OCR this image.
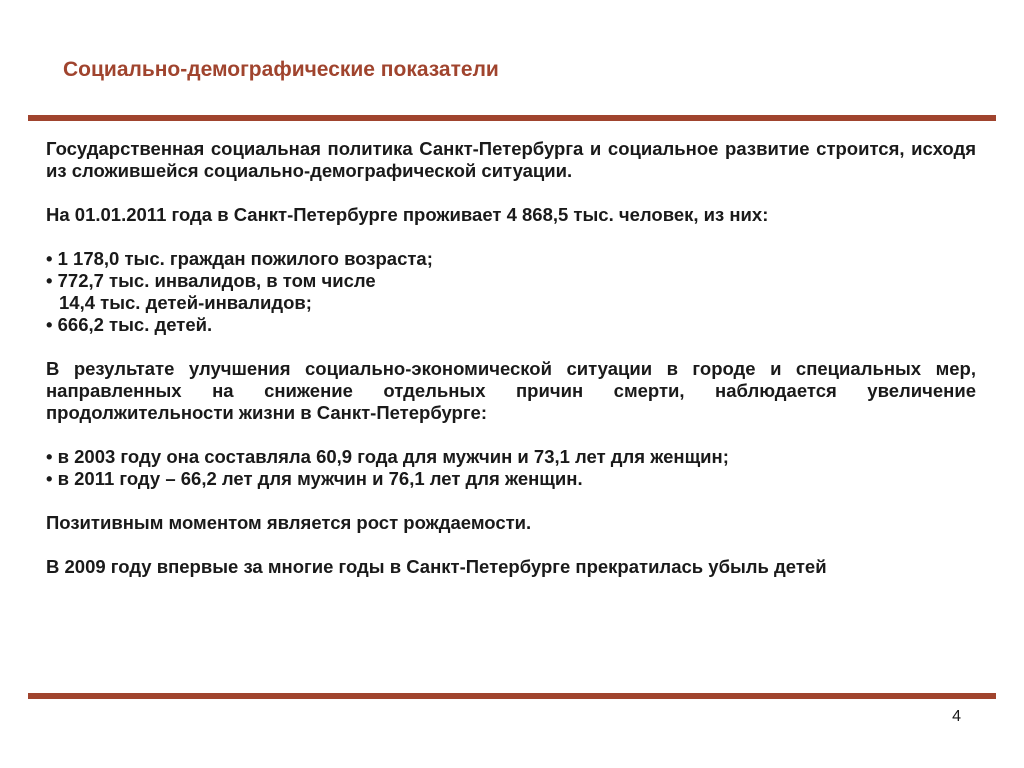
Социально-демографические показатели

Государственная социальная политика Санкт-Петербурга и социальное развитие строится, исходя из сложившейся социально-демографической ситуации.

На 01.01.2011 года в Санкт-Петербурге проживает 4 868,5 тыс. человек, из них:

• 1 178,0 тыс. граждан пожилого возраста;
• 772,7 тыс. инвалидов, в том числе
14,4 тыс. детей-инвалидов;
• 666,2 тыс. детей.

В результате улучшения социально-экономической ситуации в городе и специальных мер, направленных на снижение отдельных причин смерти, наблюдается увеличение продолжительности жизни в Санкт-Петербурге:

• в 2003 году она составляла 60,9 года для мужчин и 73,1 лет для женщин;
• в 2011 году – 66,2 лет для мужчин и 76,1 лет для женщин.

Позитивным моментом является рост рождаемости.

В 2009 году впервые за многие годы в Санкт-Петербурге прекратилась убыль детей

4
